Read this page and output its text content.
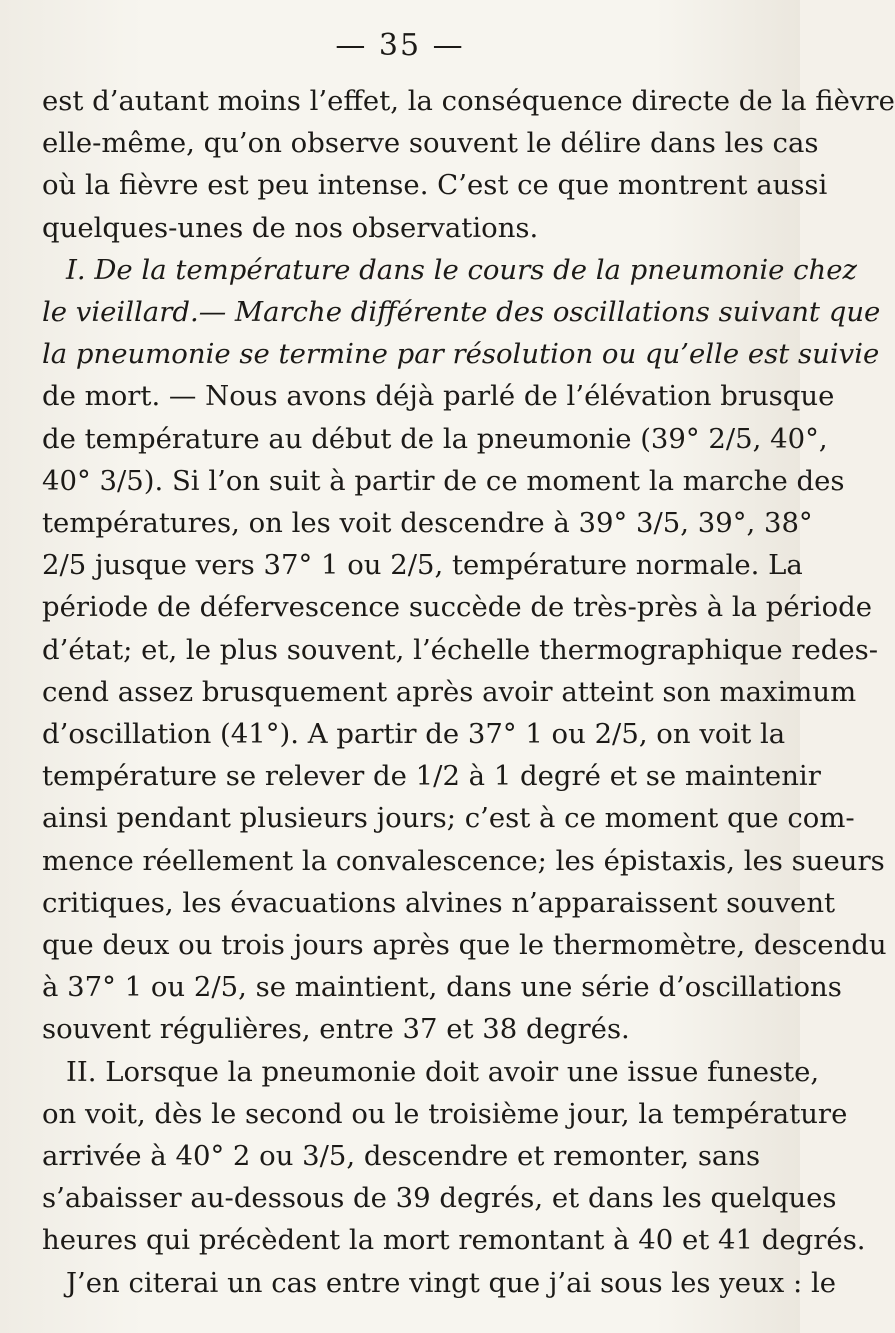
— 35 —
est d’autant moins l’effet, la conséquence directe de la fièvre
elle-même, qu’on observe souvent le délire dans les cas
où la fièvre est peu intense. C’est ce que montrent aussi
quelques-unes de nos observations.
I. De la température dans le cours de la pneumonie chez
le vieillard.— Marche différente des oscillations suivant que
la pneumonie se termine par résolution ou qu’elle est suivie
de mort. — Nous avons déjà parlé de l’élévation brusque
de température au début de la pneumonie (39° 2/5, 40°,
40° 3/5). Si l’on suit à partir de ce moment la marche des
températures, on les voit descendre à 39° 3/5, 39°, 38°
2/5 jusque vers 37° 1 ou 2/5, température normale. La
période de défervescence succède de très-près à la période
d’état; et, le plus souvent, l’échelle thermographique redes-
cend assez brusquement après avoir atteint son maximum
d’oscillation (41°). A partir de 37° 1 ou 2/5, on voit la
température se relever de 1/2 à 1 degré et se maintenir
ainsi pendant plusieurs jours; c’est à ce moment que com-
mence réellement la convalescence; les épistaxis, les sueurs
critiques, les évacuations alvines n’apparaissent souvent
que deux ou trois jours après que le thermomètre, descendu
à 37° 1 ou 2/5, se maintient, dans une série d’oscillations
souvent régulières, entre 37 et 38 degrés.
II. Lorsque la pneumonie doit avoir une issue funeste,
on voit, dès le second ou le troisième jour, la température
arrivée à 40° 2 ou 3/5, descendre et remonter, sans
s’abaisser au-dessous de 39 degrés, et dans les quelques
heures qui précèdent la mort remontant à 40 et 41 degrés.
J’en citerai un cas entre vingt que j’ai sous les yeux : le
